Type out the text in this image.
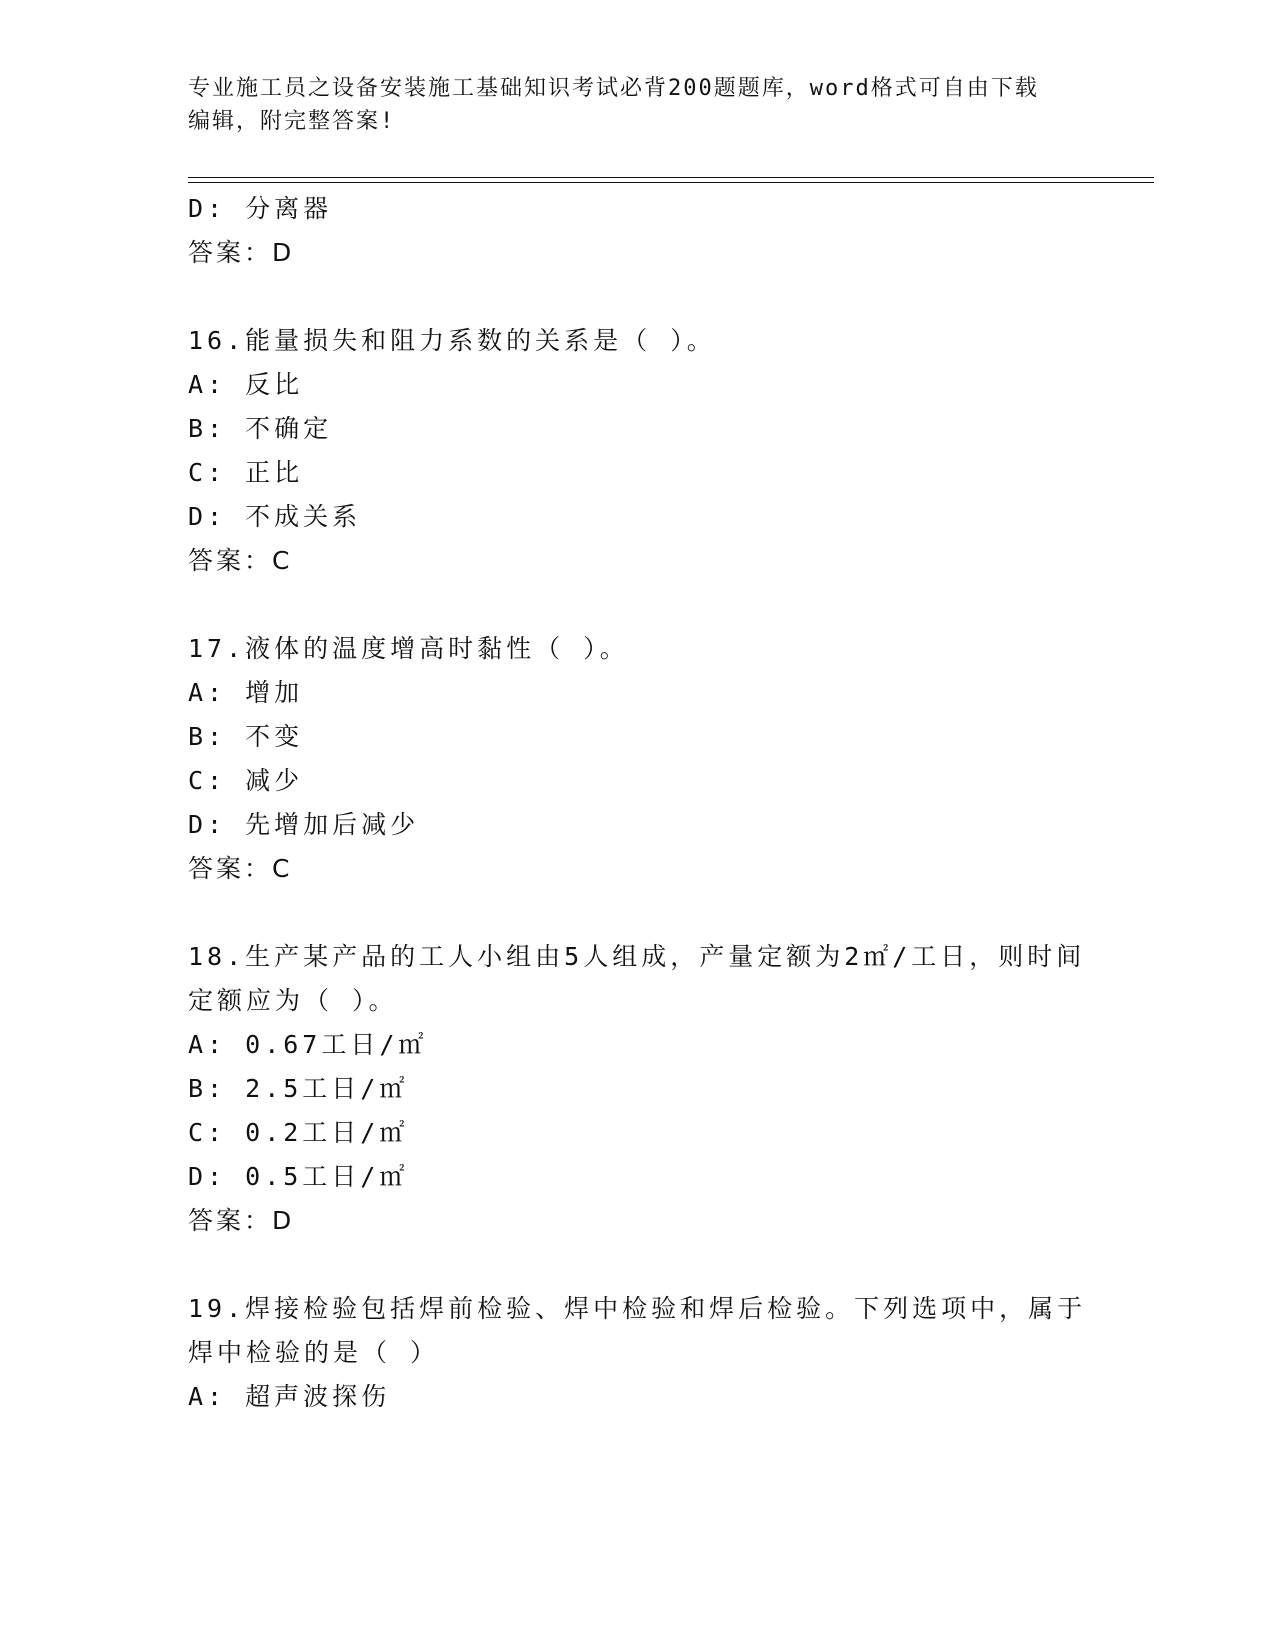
专业施工员之设备安装施工基础知识考试必背200题题库，word格式可自由下载
编辑，附完整答案!
D: 分离器
答案：D
16.能量损失和阻力系数的关系是（ ）。
A: 反比
B: 不确定
C: 正比
D: 不成关系
答案：C
17.液体的温度增高时黏性（ ）。
A: 增加
B: 不变
C: 减少
D: 先增加后减少
答案：C
18.生产某产品的工人小组由5人组成，产量定额为2㎡/工日，则时间
定额应为（ ）。
A: 0.67工日/㎡
B: 2.5工日/㎡
C: 0.2工日/㎡
D: 0.5工日/㎡
答案：D
19.焊接检验包括焊前检验、焊中检验和焊后检验。下列选项中，属于
焊中检验的是（ ）
A: 超声波探伤
